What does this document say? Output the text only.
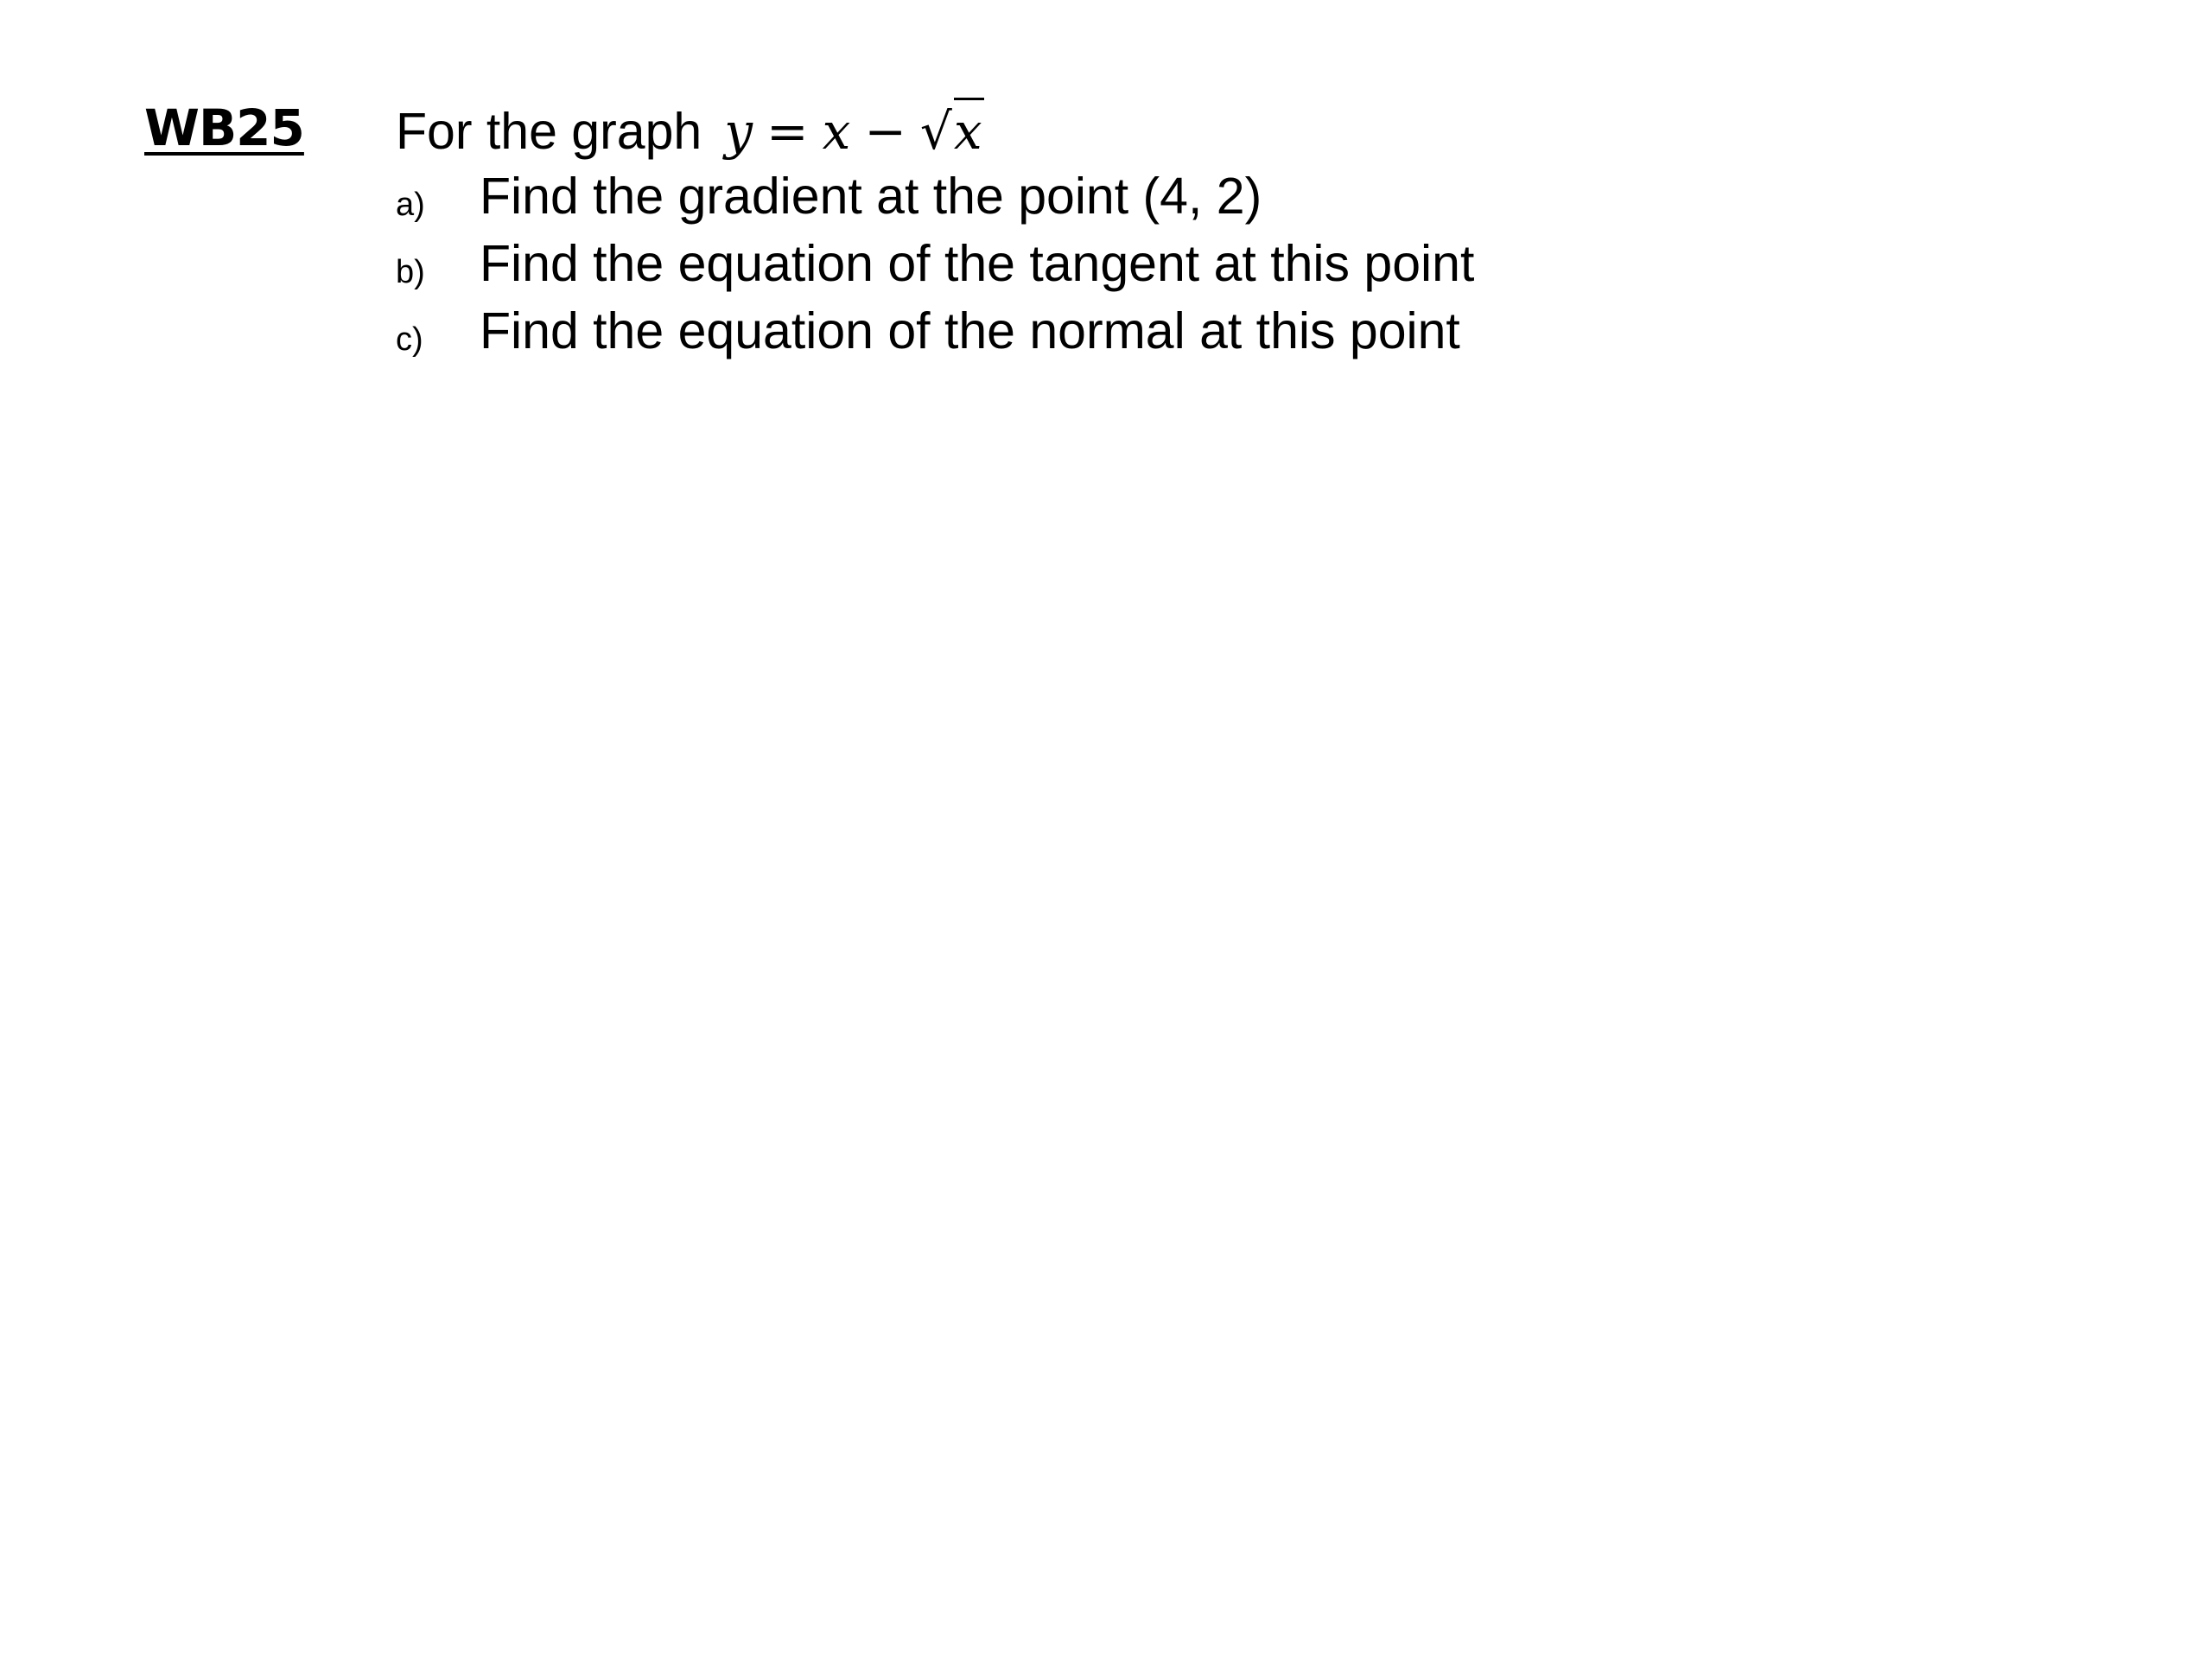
WB25 For the graph y = x − √x
a)	Find the gradient at the point (4, 2)
b)	Find the equation of the tangent at this point
c)	Find the equation of the normal at this point
